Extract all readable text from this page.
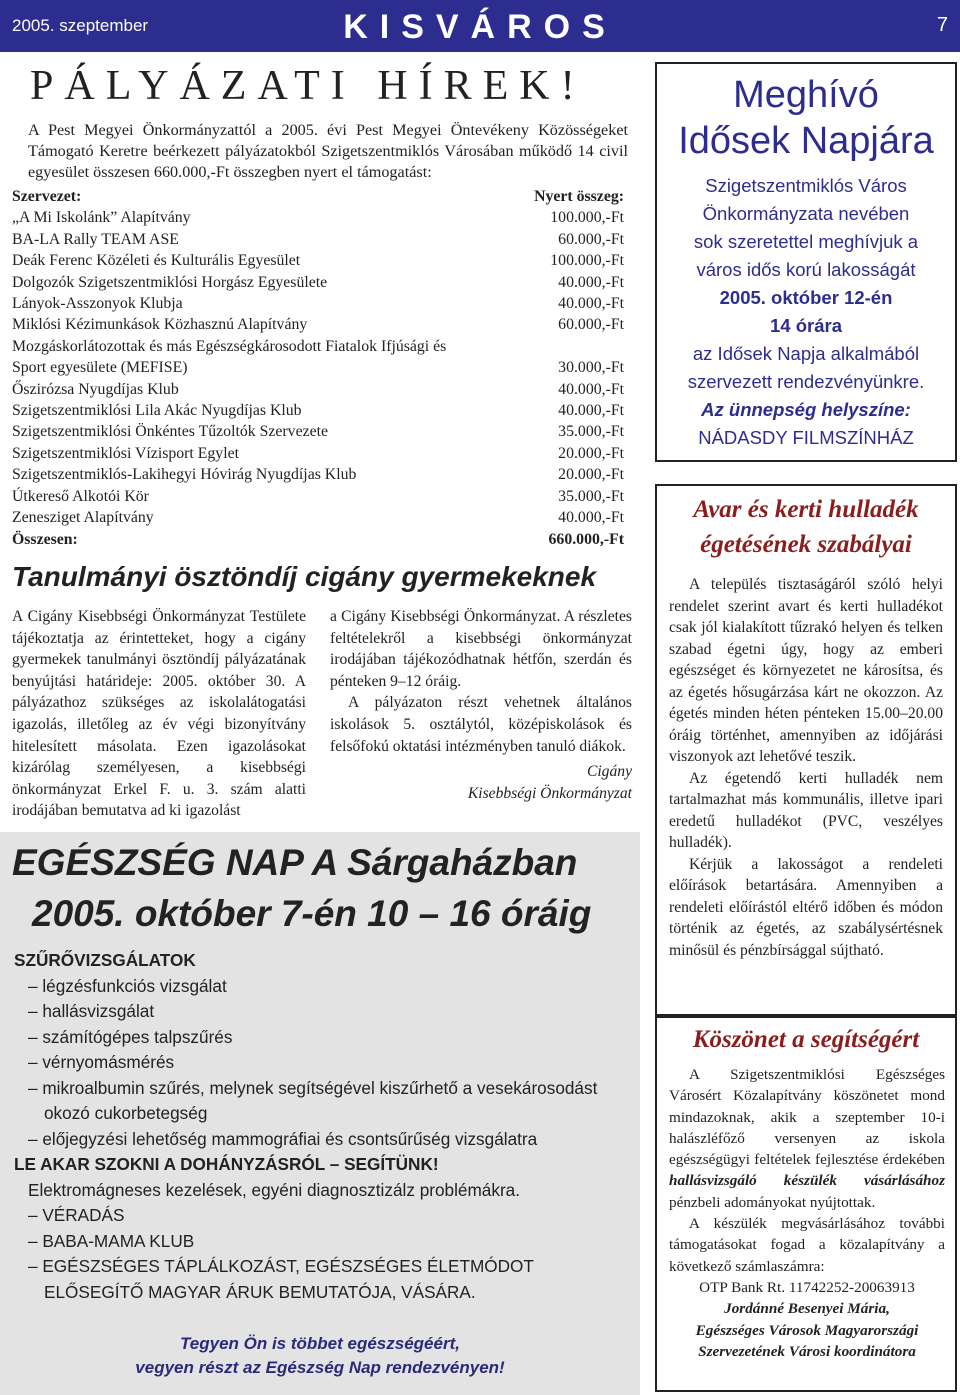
2005. szeptember	KISVÁROS	7
PÁLYÁZATI HÍREK!
A Pest Megyei Önkormányzattól a 2005. évi Pest Megyei Öntevékeny Közösségeket Támogató Keretre beérkezett pályázatokból Szigetszentmiklós Városában működő 14 civil egyesület összesen 660.000,-Ft összegben nyert el támogatást:
Szervezet:	Nyert összeg:
„A Mi Iskolánk” Alapítvány	100.000,-Ft
BA-LA Rally TEAM ASE	60.000,-Ft
Deák Ferenc Közéleti és Kulturális Egyesület	100.000,-Ft
Dolgozók Szigetszentmiklósi Horgász Egyesülete	40.000,-Ft
Lányok-Asszonyok Klubja	40.000,-Ft
Miklósi Kézimunkások Közhasznú Alapítvány	60.000,-Ft
Mozgáskorlátozottak és más Egészségkárosodott Fiatalok Ifjúsági és
Sport egyesülete (MEFISE)	30.000,-Ft
Őszirózsa Nyugdíjas Klub	40.000,-Ft
Szigetszentmiklósi Lila Akác Nyugdíjas Klub	40.000,-Ft
Szigetszentmiklósi Önkéntes Tűzoltók Szervezete	35.000,-Ft
Szigetszentmiklósi Vízisport Egylet	20.000,-Ft
Szigetszentmiklós-Lakihegyi Hóvirág Nyugdíjas Klub	20.000,-Ft
Útkereső Alkotói Kör	35.000,-Ft
Zenesziget Alapítvány	40.000,-Ft
Összesen:	660.000,-Ft
Tanulmányi ösztöndíj cigány gyermekeknek

A Cigány Kisebbségi Önkormányzat Testülete tájékoztatja az érintetteket, hogy a cigány gyermekek tanulmányi ösztöndíj pályázatának benyújtási határideje: 2005. október 30. A pályázathoz szükséges az iskolalátogatási igazolás, illetőleg az év végi bizonyítvány hitelesített másolata. Ezen igazolásokat kizárólag személyesen, a kisebbségi önkormányzat Erkel F. u. 3. szám alatti irodájában bemutatva ad ki igazolást

a Cigány Kisebbségi Önkormányzat. A részletes feltételekről a kisebbségi önkormányzat irodájában tájékozódhatnak hétfőn, szerdán és pénteken 9–12 óráig.

A pályázaton részt vehetnek általános iskolások 5. osztálytól, középiskolások és felsőfokú oktatási intézményben tanuló diákok.

Cigány
Kisebbségi Önkormányzat
EGÉSZSÉG NAP A Sárgaházban
2005. október 7-én 10 – 16 óráig
SZŰRŐVIZSGÁLATOK
– légzésfunkciós vizsgálat
– hallásvizsgálat
– számítógépes talpszűrés
– vérnyomásmérés
– mikroalbumin szűrés, melynek segítségével kiszűrhető a vesekárosodást okozó cukorbetegség
– előjegyzési lehetőség mammográfiai és csontsűrűség vizsgálatra
LE AKAR SZOKNI A DOHÁNYZÁSRÓL – SEGÍTÜNK!
Elektromágneses kezelések, egyéni diagnosztizálz problémákra.
– VÉRADÁS
– BABA-MAMA KLUB
– EGÉSZSÉGES TÁPLÁLKOZÁST, EGÉSZSÉGES ÉLETMÓDOT ELŐSEGÍTŐ MAGYAR ÁRUK BEMUTATÓJA, VÁSÁRA.
Tegyen Ön is többet egészségéért,
vegyen részt az Egészség Nap rendezvényen!
Meghívó
Idősek Napjára
Szigetszentmiklós Város
Önkormányzata nevében
sok szeretettel meghívjuk a
város idős korú lakosságát
2005. október 12-én
14 órára
az Idősek Napja alkalmából
szervezett rendezvényünkre.
Az ünnepség helyszíne:
NÁDASDY FILMSZÍNHÁZ
Avar és kerti hulladék
égetésének szabályai

A település tisztaságáról szóló helyi rendelet szerint avart és kerti hulladékot csak jól kialakított tűzrakó helyen és telken szabad égetni úgy, hogy az emberi egészséget és környezetet ne károsítsa, és az égetés hősugárzása kárt ne okozzon. Az égetés minden héten pénteken 15.00–20.00 óráig történhet, amennyiben az időjárási viszonyok azt lehetővé teszik.

Az égetendő kerti hulladék nem tartalmazhat más kommunális, illetve ipari eredetű hulladékot (PVC, veszélyes hulladék).

Kérjük a lakosságot a rendeleti előírások betartására. Amennyiben a rendeleti előírástól eltérő időben és módon történik az égetés, az szabálysértésnek minősül és pénzbírsággal sújtható.

Köszönet a segítségért

A Szigetszentmiklósi Egészséges Városért Közalapítvány köszönetet mond mindazoknak, akik a szeptember 10-i halászléfőző versenyen az iskola egészségügyi feltételek fejlesztése érdekében hallásvizsgáló készülék vásárlásához pénzbeli adományokat nyújtottak.

A készülék megvásárlásához további támogatásokat fogad a közalapítvány a következő számlaszámra:

OTP Bank Rt. 11742252-20063913

Jordánné Besenyei Mária,
Egészséges Városok Magyarországi
Szervezetének Városi koordinátora
